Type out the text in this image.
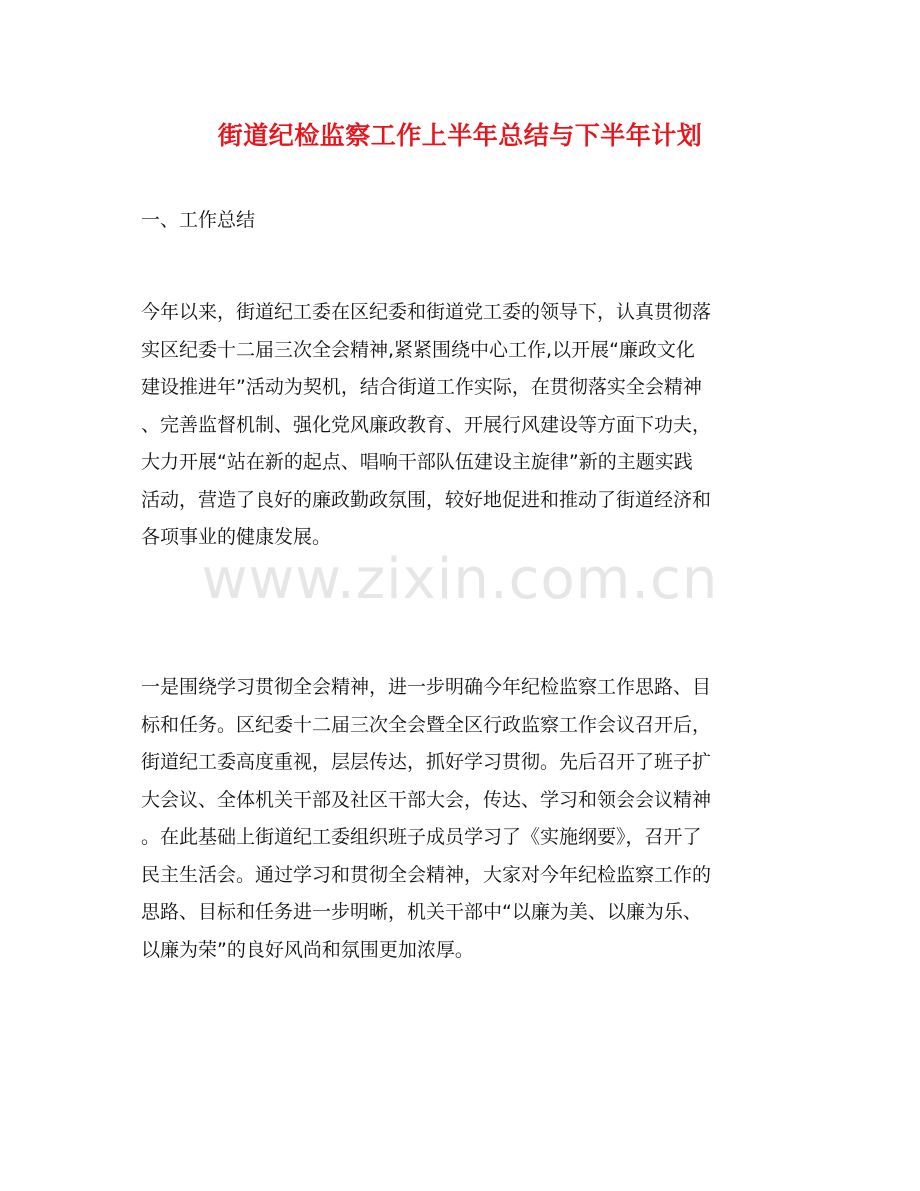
街道纪检监察工作上半年总结与下半年计划
一、工作总结

今年以来，街道纪工委在区纪委和街道党工委的领导下，认真贯彻落
实区纪委十二届三次全会精神,紧紧围绕中心工作,以开展“廉政文化
建设推进年”活动为契机，结合街道工作实际，在贯彻落实全会精神
、完善监督机制、强化党风廉政教育、开展行风建设等方面下功夫，
大力开展“站在新的起点、唱响干部队伍建设主旋律”新的主题实践
活动，营造了良好的廉政勤政氛围，较好地促进和推动了街道经济和
各项事业的健康发展。

一是围绕学习贯彻全会精神，进一步明确今年纪检监察工作思路、目
标和任务。区纪委十二届三次全会暨全区行政监察工作会议召开后，
街道纪工委高度重视，层层传达，抓好学习贯彻。先后召开了班子扩
大会议、全体机关干部及社区干部大会，传达、学习和领会会议精神
。在此基础上街道纪工委组织班子成员学习了《实施纲要》，召开了
民主生活会。通过学习和贯彻全会精神，大家对今年纪检监察工作的
思路、目标和任务进一步明晰，机关干部中“以廉为美、以廉为乐、
以廉为荣”的良好风尚和氛围更加浓厚。

www.zixin.com.cn
